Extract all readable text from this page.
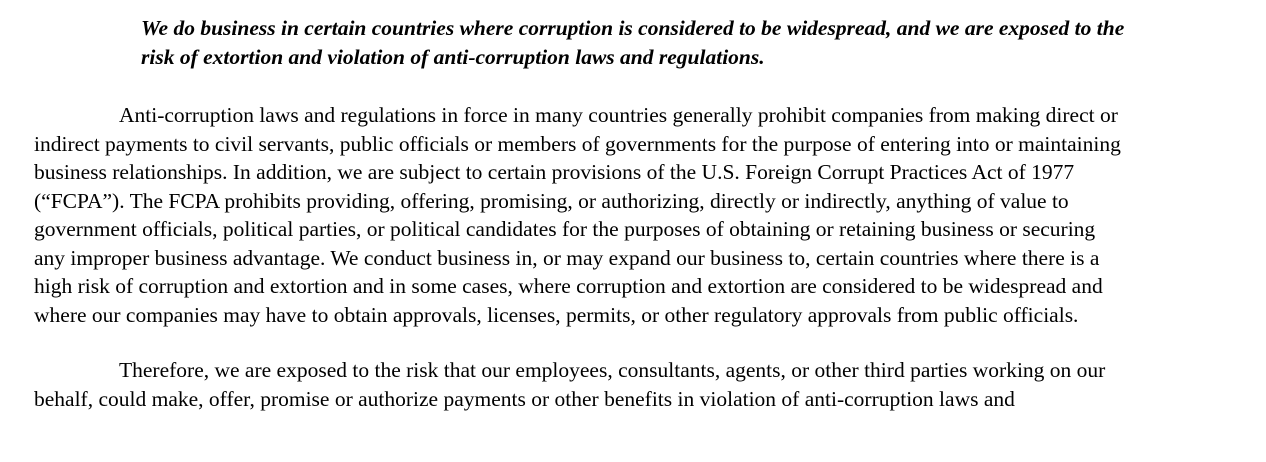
We do business in certain countries where corruption is considered to be widespread, and we are exposed to the
risk of extortion and violation of anti-corruption laws and regulations.

Anti-corruption laws and regulations in force in many countries generally prohibit companies from making direct or

indirect payments to civil servants, public officials or members of governments for the purpose of entering into or maintaining

business relationships. In addition, we are subject to certain provisions of the U.S. Foreign Corrupt Practices Act of 1977

(“FCPA”). The FCPA prohibits providing, offering, promising, or authorizing, directly or indirectly, anything of value to

government officials, political parties, or political candidates for the purposes of obtaining or retaining business or securing

any improper business advantage. We conduct business in, or may expand our business to, certain countries where there is a

high risk of corruption and extortion and in some cases, where corruption and extortion are considered to be widespread and

where our companies may have to obtain approvals, licenses, permits, or other regulatory approvals from public officials.

Therefore, we are exposed to the risk that our employees, consultants, agents, or other third parties working on our

behalf, could make, offer, promise or authorize payments or other benefits in violation of anti-corruption laws and
